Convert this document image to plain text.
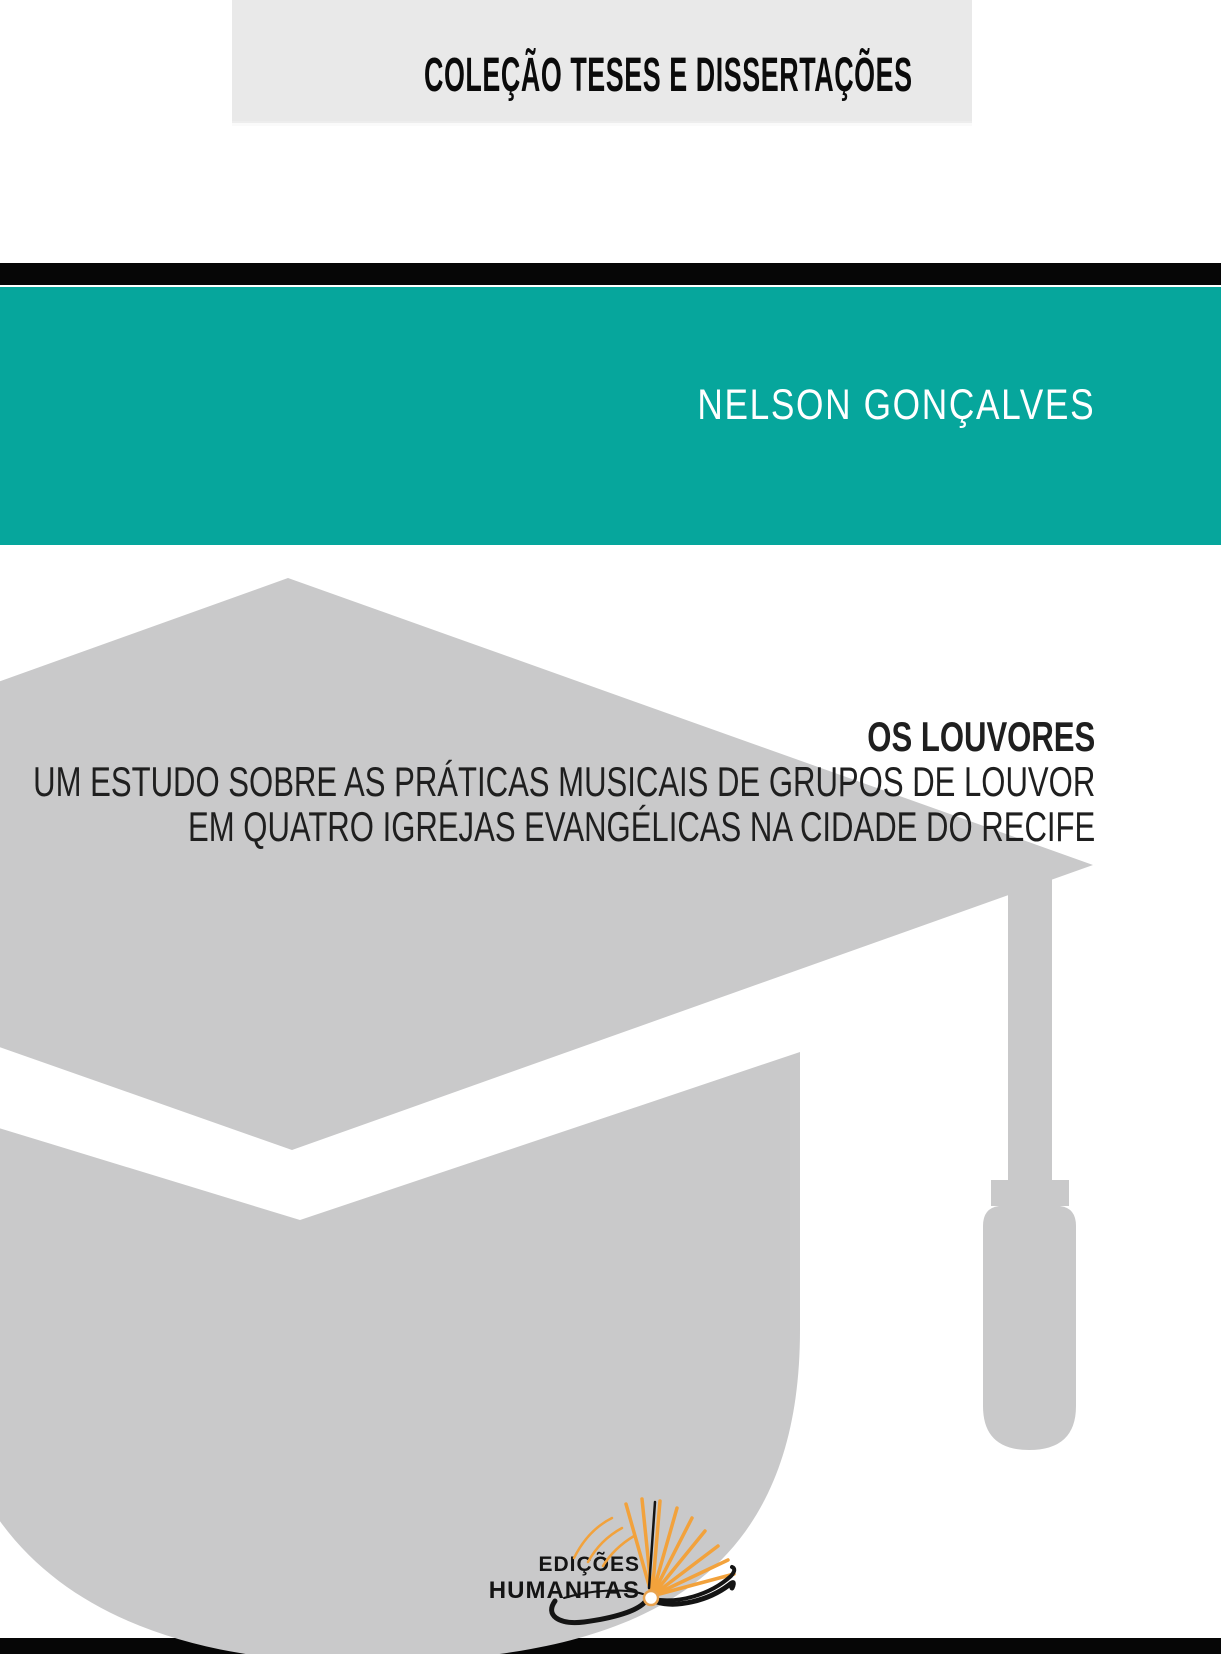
COLEÇÃO TESES E DISSERTAÇÕES
NELSON GONÇALVES
OS LOUVORES
UM ESTUDO SOBRE AS PRÁTICAS MUSICAIS DE GRUPOS DE LOUVOR
EM QUATRO IGREJAS EVANGÉLICAS NA CIDADE DO RECIFE
EDIÇÕES
HUMANITAS
